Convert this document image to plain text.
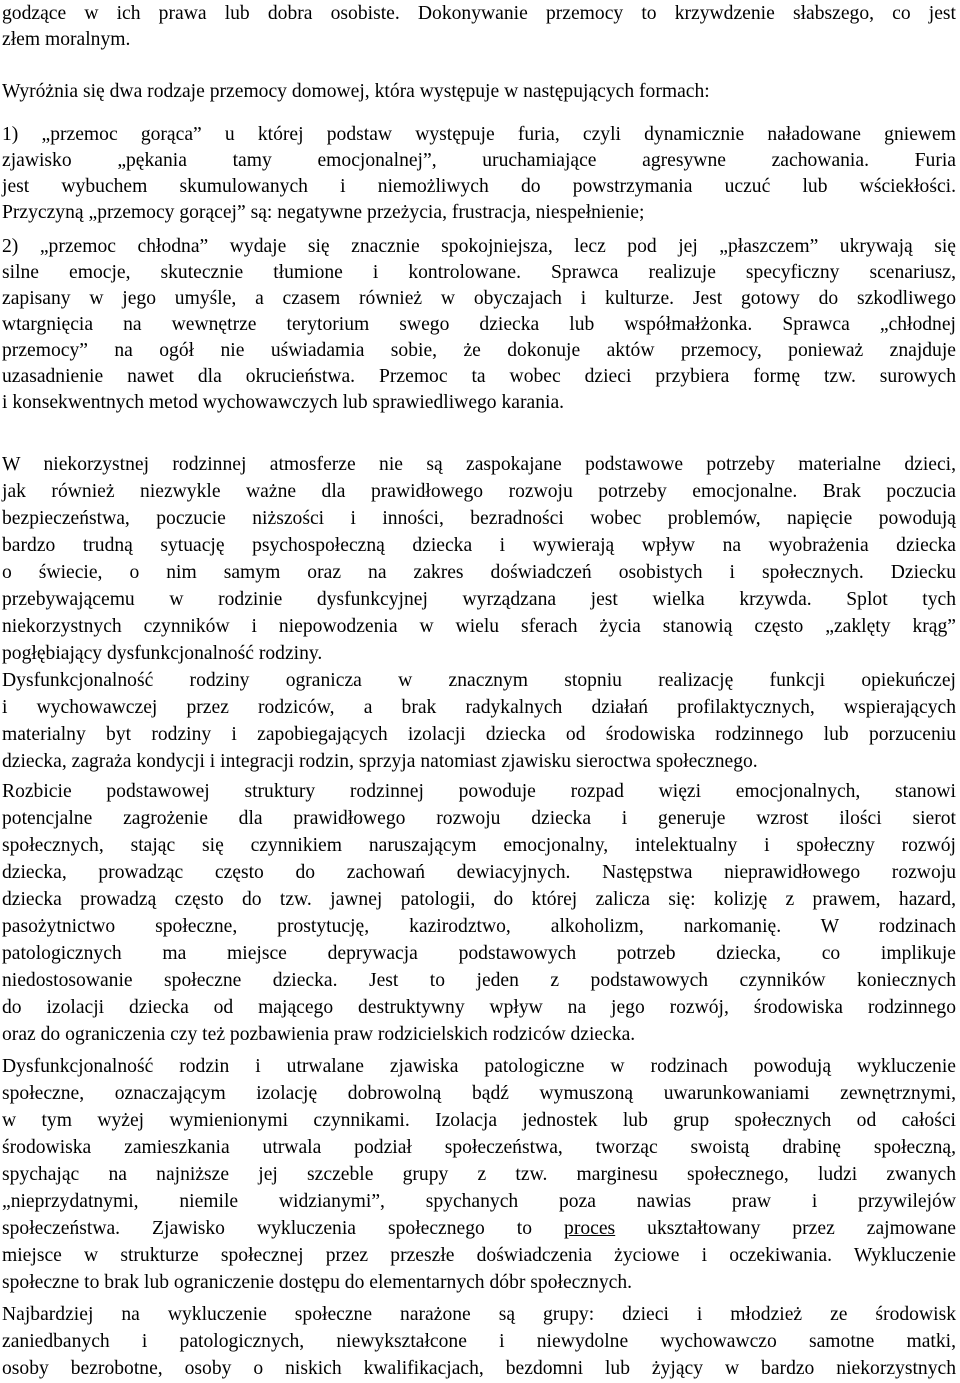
godzące w ich prawa lub dobra osobiste. Dokonywanie przemocy to krzywdzenie słabszego, co jest
złem moralnym.
Wyróżnia się dwa rodzaje przemocy domowej, która występuje w następujących formach:
1) „przemoc gorąca” u której podstaw występuje furia, czyli dynamicznie naładowane gniewem
zjawisko „pękania tamy emocjonalnej”, uruchamiające agresywne zachowania. Furia
jest wybuchem skumulowanych i niemożliwych do powstrzymania uczuć lub wściekłości.
Przyczyną „przemocy gorącej” są: negatywne przeżycia, frustracja, niespełnienie;
2) „przemoc chłodna” wydaje się znacznie spokojniejsza, lecz pod jej „płaszczem” ukrywają się
silne emocje, skutecznie tłumione i kontrolowane. Sprawca realizuje specyficzny scenariusz,
zapisany w jego umyśle, a czasem również w obyczajach i kulturze. Jest gotowy do szkodliwego
wtargnięcia na wewnętrze terytorium swego dziecka lub współmałżonka. Sprawca „chłodnej
przemocy” na ogół nie uświadamia sobie, że dokonuje aktów przemocy, ponieważ znajduje
uzasadnienie nawet dla okrucieństwa. Przemoc ta wobec dzieci przybiera formę tzw. surowych
i konsekwentnych metod wychowawczych lub sprawiedliwego karania.
W niekorzystnej rodzinnej atmosferze nie są zaspokajane podstawowe potrzeby materialne dzieci,
jak również niezwykle ważne dla prawidłowego rozwoju potrzeby emocjonalne. Brak poczucia
bezpieczeństwa, poczucie niższości i inności, bezradności wobec problemów, napięcie powodują
bardzo trudną sytuację psychospołeczną dziecka i wywierają wpływ na wyobrażenia dziecka
o świecie, o nim samym oraz na zakres doświadczeń osobistych i społecznych. Dziecku
przebywającemu w rodzinie dysfunkcyjnej wyrządzana jest wielka krzywda. Splot tych
niekorzystnych czynników i niepowodzenia w wielu sferach życia stanowią często „zaklęty krąg”
pogłębiający dysfunkcjonalność rodziny.
Dysfunkcjonalność rodziny ogranicza w znacznym stopniu realizację funkcji opiekuńczej
i wychowawczej przez rodziców, a brak radykalnych działań profilaktycznych, wspierających
materialny byt rodziny i zapobiegających izolacji dziecka od środowiska rodzinnego lub porzuceniu
dziecka, zagraża kondycji i integracji rodzin, sprzyja natomiast zjawisku sieroctwa społecznego.
Rozbicie podstawowej struktury rodzinnej powoduje rozpad więzi emocjonalnych, stanowi
potencjalne zagrożenie dla prawidłowego rozwoju dziecka i generuje wzrost ilości sierot
społecznych, stając się czynnikiem naruszającym emocjonalny, intelektualny i społeczny rozwój
dziecka, prowadząc często do zachowań dewiacyjnych. Następstwa nieprawidłowego rozwoju
dziecka prowadzą często do tzw. jawnej patologii, do której zalicza się: kolizję z prawem, hazard,
pasożytnictwo społeczne, prostytucję, kazirodztwo, alkoholizm, narkomanię. W rodzinach
patologicznych ma miejsce deprywacja podstawowych potrzeb dziecka, co implikuje
niedostosowanie społeczne dziecka. Jest to jeden z podstawowych czynników koniecznych
do izolacji dziecka od mającego destruktywny wpływ na jego rozwój, środowiska rodzinnego
oraz do ograniczenia czy też pozbawienia praw rodzicielskich rodziców dziecka.
Dysfunkcjonalność rodzin i utrwalane zjawiska patologiczne w rodzinach powodują wykluczenie
społeczne, oznaczającym izolację dobrowolną bądź wymuszoną uwarunkowaniami zewnętrznymi,
w tym wyżej wymienionymi czynnikami. Izolacja jednostek lub grup społecznych od całości
środowiska zamieszkania utrwala podział społeczeństwa, tworząc swoistą drabinę społeczną,
spychając na najniższe jej szczeble grupy z tzw. marginesu społecznego, ludzi zwanych
„nieprzydatnymi, niemile widzianymi”, spychanych poza nawias praw i przywilejów
społeczeństwa. Zjawisko wykluczenia społecznego to proces ukształtowany przez zajmowane
miejsce w strukturze społecznej przez przeszłe doświadczenia życiowe i oczekiwania. Wykluczenie
społeczne to brak lub ograniczenie dostępu do elementarnych dóbr społecznych.
Najbardziej na wykluczenie społeczne narażone są grupy: dzieci i młodzież ze środowisk
zaniedbanych i patologicznych, niewykształcone i niewydolne wychowawczo samotne matki,
osoby bezrobotne, osoby o niskich kwalifikacjach, bezdomni lub żyjący w bardzo niekorzystnych
